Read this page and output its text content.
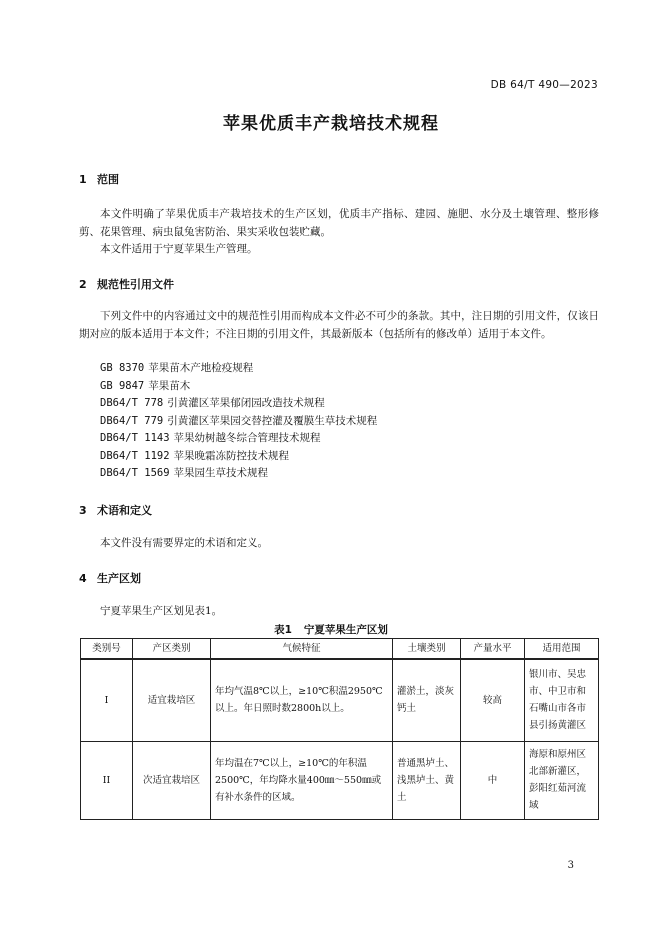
DB 64/T 490—2023
苹果优质丰产栽培技术规程
1 范围
本文件明确了苹果优质丰产栽培技术的生产区划，优质丰产指标、建园、施肥、水分及土壤管理、整形修剪、花果管理、病虫鼠兔害防治、果实采收包装贮藏。
本文件适用于宁夏苹果生产管理。
2 规范性引用文件
下列文件中的内容通过文中的规范性引用而构成本文件必不可少的条款。其中，注日期的引用文件，仅该日期对应的版本适用于本文件；不注日期的引用文件，其最新版本（包括所有的修改单）适用于本文件。
GB 8370 苹果苗木产地检疫规程
GB 9847 苹果苗木
DB64/T 778 引黄灌区苹果郁闭园改造技术规程
DB64/T 779 引黄灌区苹果园交替控灌及覆膜生草技术规程
DB64/T 1143 苹果幼树越冬综合管理技术规程
DB64/T 1192 苹果晚霜冻防控技术规程
DB64/T 1569 苹果园生草技术规程
3 术语和定义
本文件没有需要界定的术语和定义。
4 生产区划
宁夏苹果生产区划见表1。
表1 宁夏苹果生产区划
类别号	产区类别	气候特征	土壤类别	产量水平	适用范围
I	适宜栽培区	年均气温8℃以上，≥10℃积温2950℃以上。年日照时数2800h以上。	灌淤土，淡灰钙土	较高	银川市、吴忠市、中卫市和石嘴山市各市县引扬黄灌区
II	次适宜栽培区	年均温在7℃以上，≥10℃的年积温2500℃，年均降水量400㎜～550㎜或有补水条件的区域。	普通黑垆土、浅黑垆土、黄土	中	海原和原州区北部新灌区，彭阳红茹河流域
3
